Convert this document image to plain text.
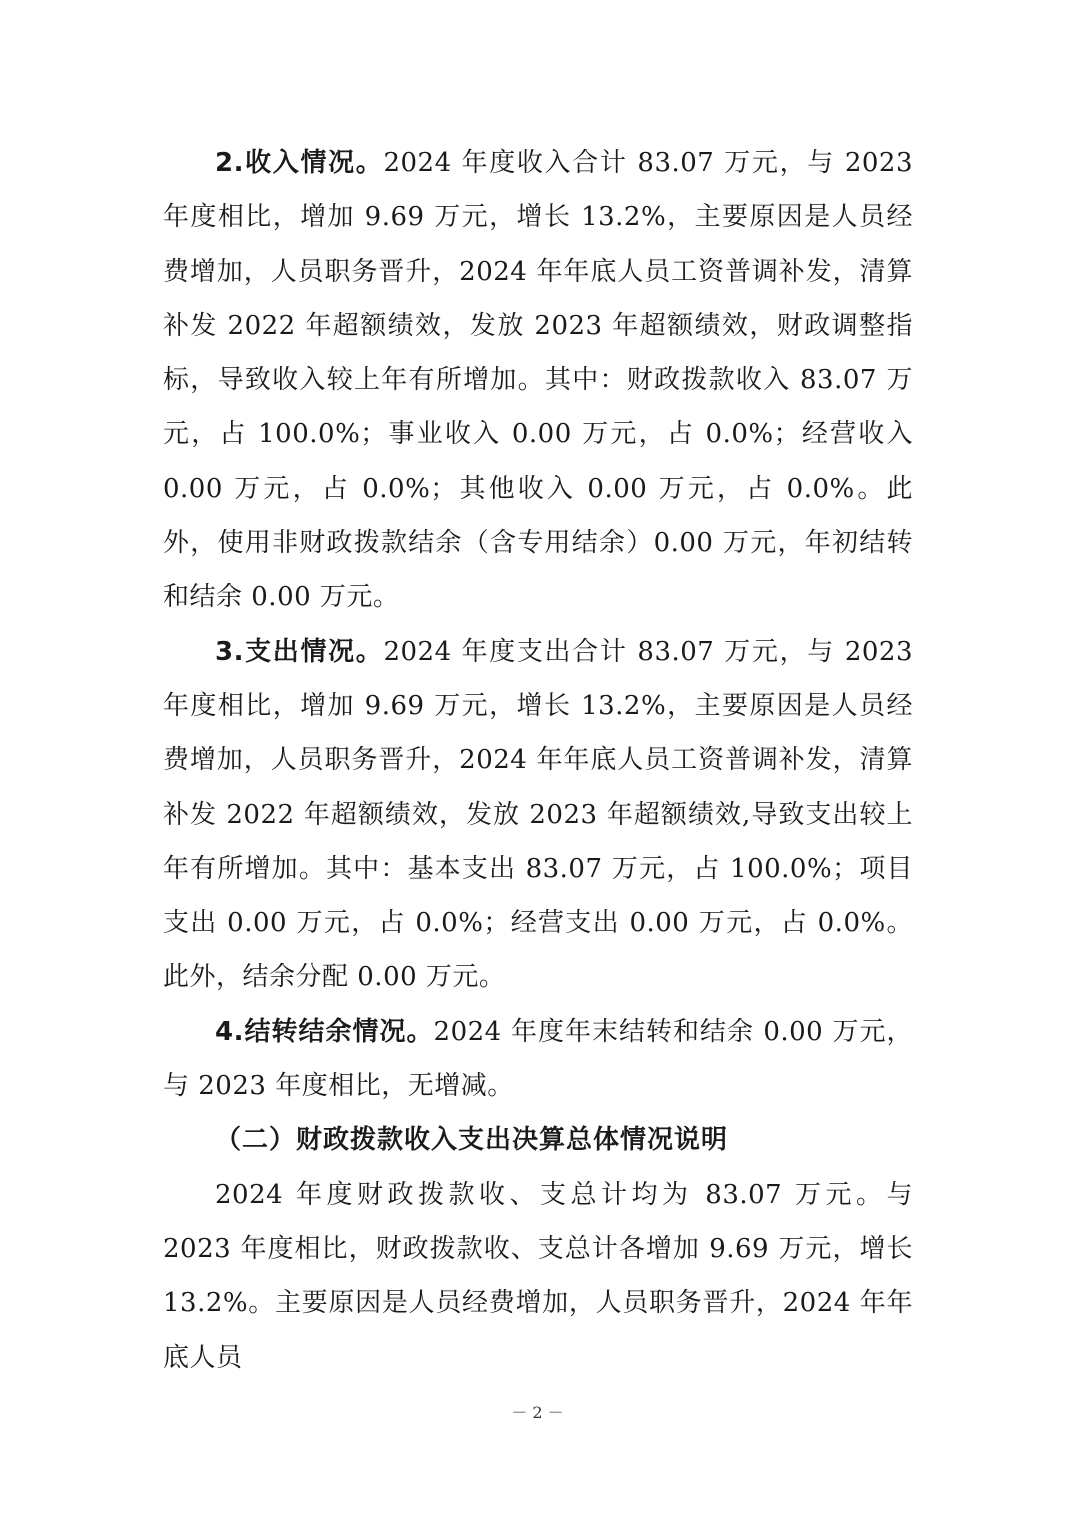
2.收入情况。2024 年度收入合计 83.07 万元，与 2023 年度相比，增加 9.69 万元，增长 13.2%，主要原因是人员经费增加，人员职务晋升，2024 年年底人员工资普调补发，清算补发 2022 年超额绩效，发放 2023 年超额绩效，财政调整指标，导致收入较上年有所增加。其中：财政拨款收入 83.07 万元，占 100.0%；事业收入 0.00 万元，占 0.0%；经营收入 0.00 万元，占 0.0%；其他收入 0.00 万元，占 0.0%。此外，使用非财政拨款结余（含专用结余）0.00 万元，年初结转和结余 0.00 万元。

3.支出情况。2024 年度支出合计 83.07 万元，与 2023 年度相比，增加 9.69 万元，增长 13.2%，主要原因是人员经费增加，人员职务晋升，2024 年年底人员工资普调补发，清算补发 2022 年超额绩效，发放 2023 年超额绩效,导致支出较上年有所增加。其中：基本支出 83.07 万元，占 100.0%；项目支出 0.00 万元，占 0.0%；经营支出 0.00 万元，占 0.0%。此外，结余分配 0.00 万元。

4.结转结余情况。2024 年度年末结转和结余 0.00 万元，与 2023 年度相比，无增减。

（二）财政拨款收入支出决算总体情况说明

2024 年度财政拨款收、支总计均为 83.07 万元。与 2023 年度相比，财政拨款收、支总计各增加 9.69 万元，增长 13.2%。主要原因是人员经费增加，人员职务晋升，2024 年年底人员

－ 2 －
